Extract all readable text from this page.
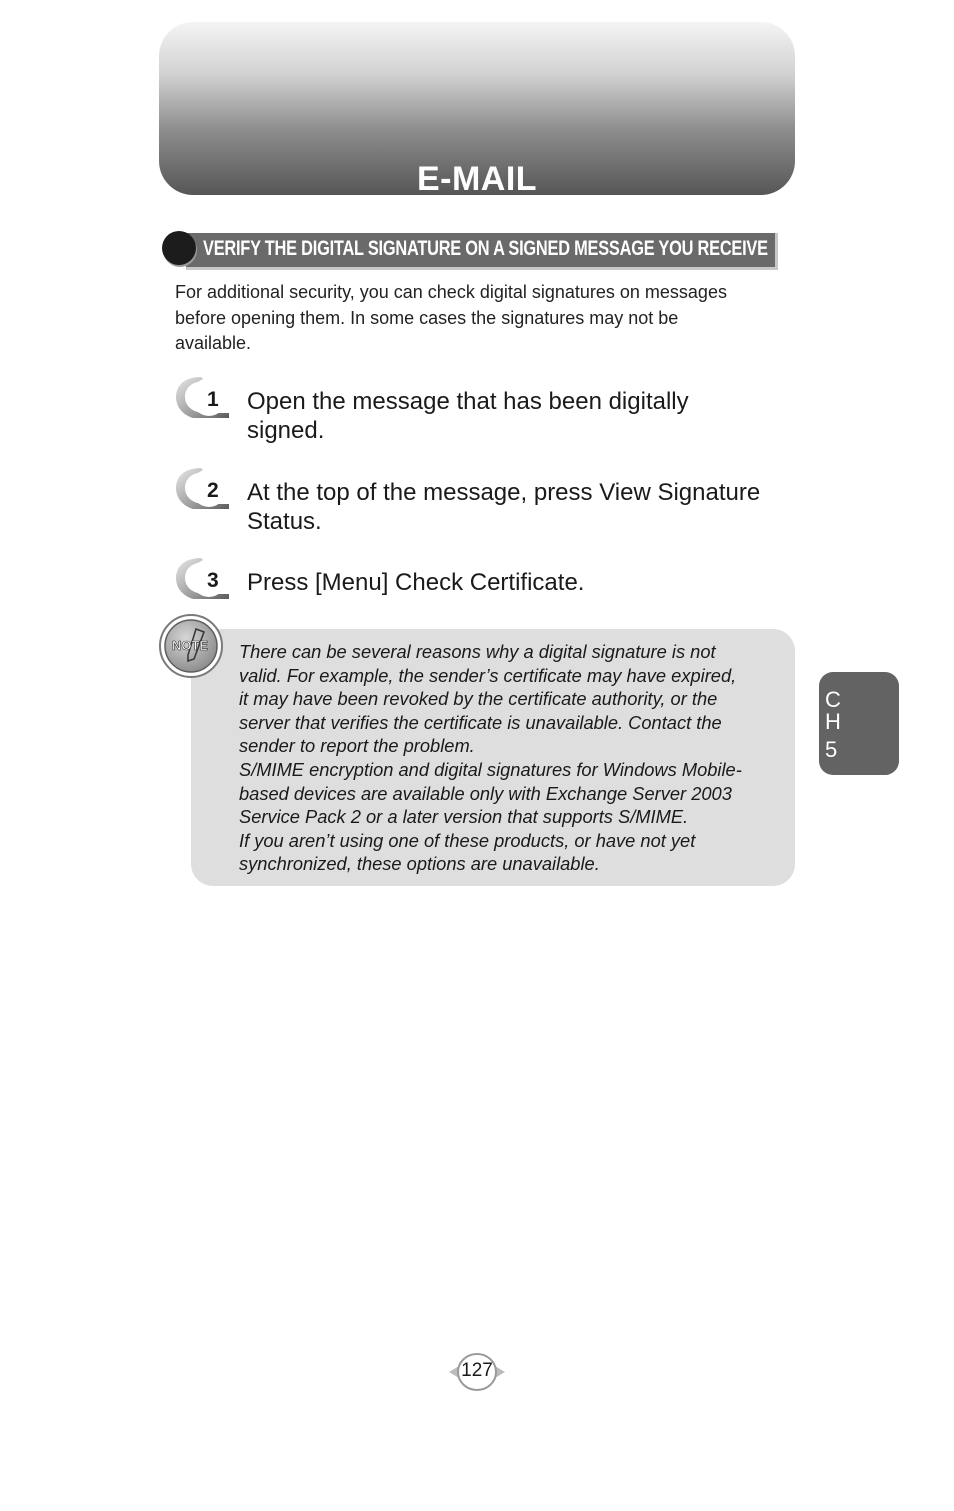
E-MAIL
VERIFY THE DIGITAL SIGNATURE ON A SIGNED MESSAGE YOU RECEIVE
For additional security, you can check digital signatures on messages
before opening them. In some cases the signatures may not be
available.
1 Open the message that has been digitally
signed.
2 At the top of the message, press View Signature
Status.
3 Press [Menu] Check Certificate.
NOTE There can be several reasons why a digital signature is not

valid. For example, the sender’s certificate may have expired,

it may have been revoked by the certificate authority, or the

server that verifies the certificate is unavailable. Contact the

sender to report the problem.

S/MIME encryption and digital signatures for Windows Mobile-

based devices are available only with Exchange Server 2003

Service Pack 2 or a later version that supports S/MIME.

If you aren’t using one of these products, or have not yet

synchronized, these options are unavailable.

C
H
5
127
